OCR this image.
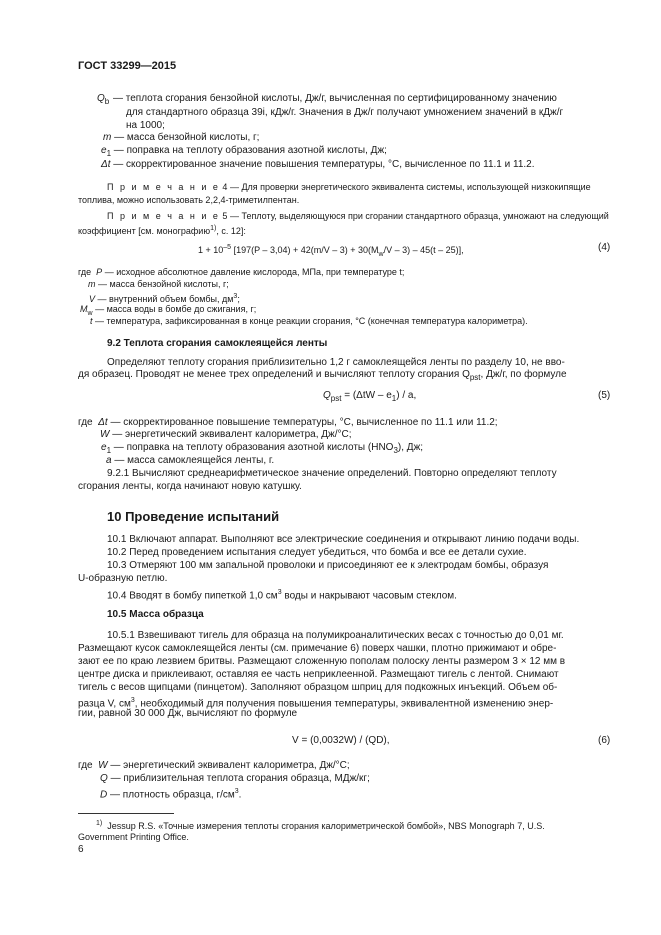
ГОСТ 33299—2015
$Q_b$ — теплота сгорания бензойной кислоты, Дж/г, вычисленная по сертифицированному значению
для стандартного образца 39i, кДж/г. Значения в Дж/г получают умножением значений в кДж/г
на 1000;
m — масса бензойной кислоты, г;
$e_1$ — поправка на теплоту образования азотной кислоты, Дж;
Δt — скорректированное значение повышения температуры, °С, вычисленное по 11.1 и 11.2.
П р и м е ч а н и е 4 — Для проверки энергетического эквивалента системы, использующей низкокипящие
топлива, можно использовать 2,2,4-триметилпентан.
П р и м е ч а н и е 5 — Теплоту, выделяющуюся при сгорании стандартного образца, умножают на следующий
коэффициент [см. монографию$^{1)}$, с. 12]:
$1 + 10^{-5}$ $[197(P - 3,04) + 42(m/V - 3) + 30(M_w/V - 3) - 45(t - 25)]$,	(4)
где P — исходное абсолютное давление кислорода, МПа, при температуре t;
m — масса бензойной кислоты, г;
V — внутренний объем бомбы, $дм^3$;
$M_w$ — масса воды в бомбе до сжигания, г;
t — температура, зафиксированная в конце реакции сгорания, °С (конечная температура калориметра).
9.2 Теплота сгорания самоклеящейся ленты
Определяют теплоту сгорания приблизительно 1,2 г самоклеящейся ленты по разделу 10, не вво-
дя образец. Проводят не менее трех определений и вычисляют теплоту сгорания $Q_{pst}$, Дж/г, по формуле
$Q_{pst} = (\Delta tW - e_1) / a$,	(5)
где Δt — скорректированное повышение температуры, °С, вычисленное по 11.1 или 11.2;
W — энергетический эквивалент калориметра, Дж/°С;
$e_1$ — поправка на теплоту образования азотной кислоты $(HNO_3)$, Дж;
a — масса самоклеящейся ленты, г.
9.2.1 Вычисляют среднеарифметическое значение определений. Повторно определяют теплоту
сгорания ленты, когда начинают новую катушку.
10 Проведение испытаний
10.1 Включают аппарат. Выполняют все электрические соединения и открывают линию подачи воды.
10.2 Перед проведением испытания следует убедиться, что бомба и все ее детали сухие.
10.3 Отмеряют 100 мм запальной проволоки и присоединяют ее к электродам бомбы, образуя
U-образную петлю.
10.4 Вводят в бомбу пипеткой 1,0 $см^3$ воды и накрывают часовым стеклом.
10.5 Масса образца
10.5.1 Взвешивают тигель для образца на полумикроаналитических весах с точностью до 0,01 мг.
Размещают кусок самоклеящейся ленты (см. примечание 6) поверх чашки, плотно прижимают и обре-
зают ее по краю лезвием бритвы. Размещают сложенную пополам полоску ленты размером 3 × 12 мм в
центре диска и приклеивают, оставляя ее часть неприклеенной. Размещают тигель с лентой. Снимают
тигель с весов щипцами (пинцетом). Заполняют образцом шприц для подкожных инъекций. Объем об-
разца V, $см^3$, необходимый для получения повышения температуры, эквивалентной изменению энер-
гии, равной 30 000 Дж, вычисляют по формуле
V = (0,0032W) / (QD),	(6)
где W — энергетический эквивалент калориметра, Дж/°С;
Q — приблизительная теплота сгорания образца, МДж/кг;
D — плотность образца, $г/см^3$.
$^{1)}$ Jessup R.S. «Точные измерения теплоты сгорания калориметрической бомбой», NBS Monograph 7, U.S.
Government Printing Office.
6
